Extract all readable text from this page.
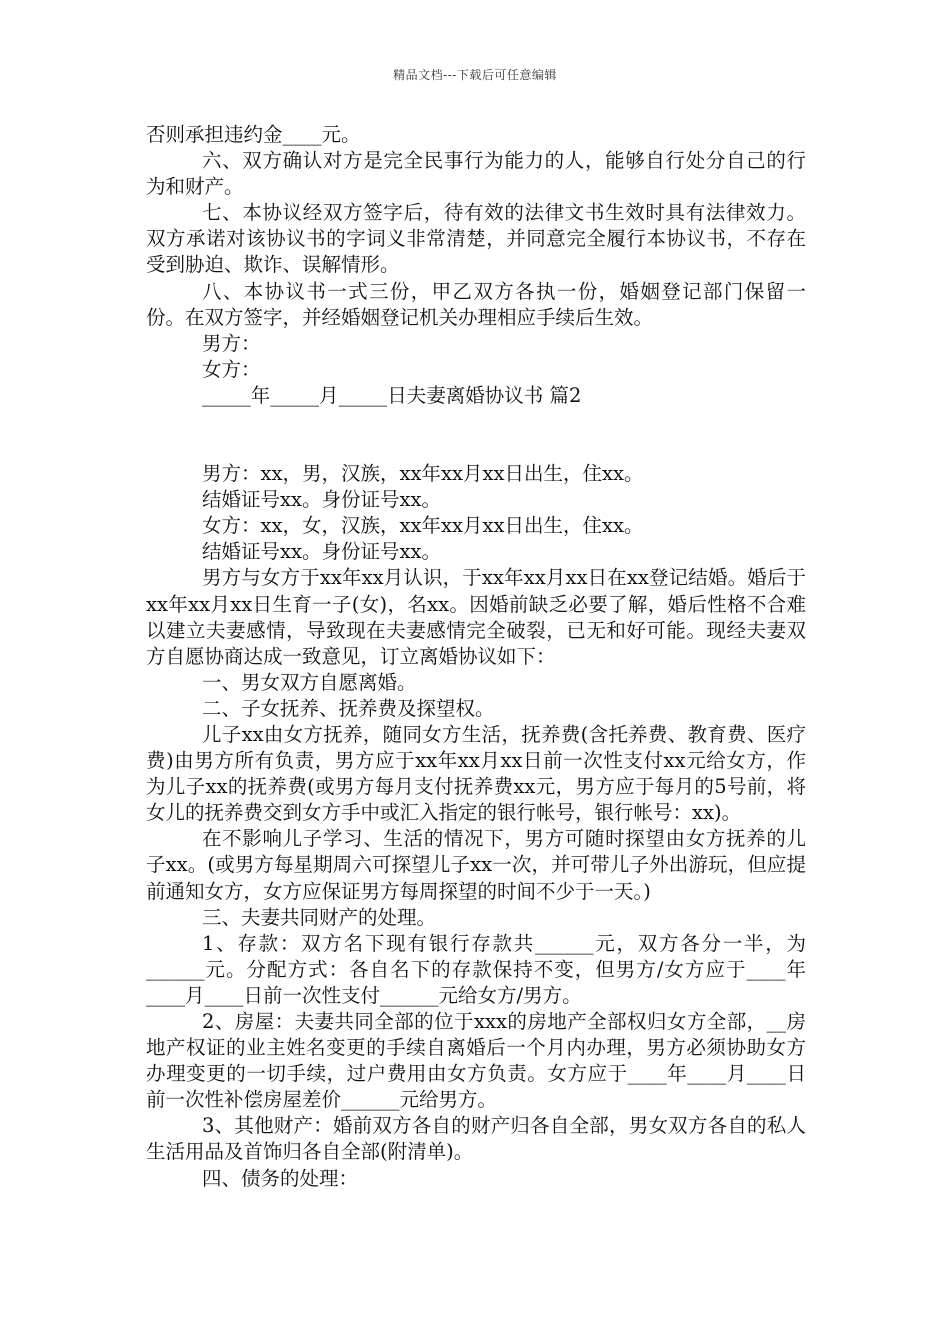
精品文档---下载后可任意编辑

否则承担违约金____元。

六、双方确认对方是完全民事行为能力的人，能够自行处分自己的行为和财产。

七、本协议经双方签字后，待有效的法律文书生效时具有法律效力。双方承诺对该协议书的字词义非常清楚，并同意完全履行本协议书，不存在受到胁迫、欺诈、误解情形。

八、本协议书一式三份，甲乙双方各执一份，婚姻登记部门保留一份。在双方签字，并经婚姻登记机关办理相应手续后生效。

男方：

女方：

_____年_____月_____日夫妻离婚协议书 篇2

男方：xx，男，汉族，xx年xx月xx日出生，住xx。

结婚证号xx。身份证号xx。

女方：xx，女，汉族，xx年xx月xx日出生，住xx。

结婚证号xx。身份证号xx。

男方与女方于xx年xx月认识，于xx年xx月xx日在xx登记结婚。婚后于xx年xx月xx日生育一子(女)，名xx。因婚前缺乏必要了解，婚后性格不合难以建立夫妻感情，导致现在夫妻感情完全破裂，已无和好可能。现经夫妻双方自愿协商达成一致意见，订立离婚协议如下：

一、男女双方自愿离婚。

二、子女抚养、抚养费及探望权。

儿子xx由女方抚养，随同女方生活，抚养费(含托养费、教育费、医疗费)由男方所有负责，男方应于xx年xx月xx日前一次性支付xx元给女方，作为儿子xx的抚养费(或男方每月支付抚养费xx元，男方应于每月的5号前，将女儿的抚养费交到女方手中或汇入指定的银行帐号，银行帐号：xx)。

在不影响儿子学习、生活的情况下，男方可随时探望由女方抚养的儿子xx。(或男方每星期周六可探望儿子xx一次，并可带儿子外出游玩，但应提前通知女方，女方应保证男方每周探望的时间不少于一天。)

三、夫妻共同财产的处理。

1、存款：双方名下现有银行存款共______元，双方各分一半，为______元。分配方式：各自名下的存款保持不变，但男方/女方应于____年____月____日前一次性支付______元给女方/男方。

2、房屋：夫妻共同全部的位于xxx的房地产全部权归女方全部，__房地产权证的业主姓名变更的手续自离婚后一个月内办理，男方必须协助女方办理变更的一切手续，过户费用由女方负责。女方应于____年____月____日前一次性补偿房屋差价______元给男方。

3、其他财产：婚前双方各自的财产归各自全部，男女双方各自的私人生活用品及首饰归各自全部(附清单)。

四、债务的处理：
